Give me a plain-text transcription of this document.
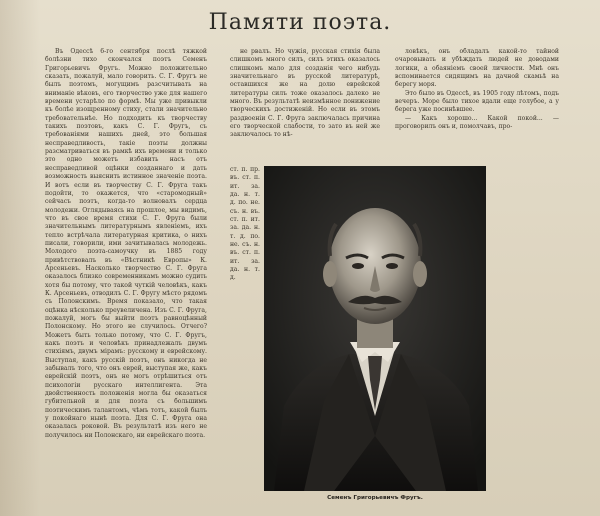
Памяти поэта.

Въ Одессѣ 6-го сентября послѣ тяжкой болѣзни тихо скончался поэтъ Семенъ Григорьевичъ Фругъ. Можно положительно сказать, пожалуй, мало говорить. С. Г. Фругъ не былъ поэтомъ, могущимъ разсчитывать на вниманіе вѣковъ, его творчество уже для нашего времени устарѣло по формѣ. Мы уже привыкли къ болѣе изощренному стиху, стали значительно требовательнѣе. Но подходить къ творчеству такихъ поэтовъ, какъ С. Г. Фругъ, съ требованіями нашихъ дней, это большая несправедливость, такіе поэты должны разсматриваться въ рамкѣ ихъ времени и только это одно можетъ избавить насъ отъ несправедливой оцѣнки созданнаго и дать возможность выяснить истинное значеніе поэта. И вотъ если въ творчеству С. Г. Фруга такъ подойти, то окажется, что «старомодный» сейчасъ поэтъ, когда-то волновалъ сердца молодежи. Оглядываясь на прошлое, мы видимъ, что въ свое время стихи С. Г. Фруга были значительнымъ литературнымъ явленіемъ, ихъ тепло встрѣчала литературная критика, о нихъ писали, говорили, ими зачитывалась молодежь. Молодого поэта-самоучку въ 1885 году привѣтствовалъ въ «Вѣстникѣ Европы» К. Арсеньевъ. Насколько творчество С. Г. Фруга оказалось близко современникамъ можно судить хотя бы потому, что такой чуткій человѣкъ, какъ К. Арсеньевъ, отводилъ С. Г. Фругу мѣсто рядомъ съ Полонскимъ. Время показало, что такая оцѣнка нѣсколько преувеличена. Изъ С. Г. Фруга, пожалуй, могъ бы выйти поэтъ равноцѣнный Полонскому. Но этого не случилось. Отчего? Можетъ быть только потому, что С. Г. Фругъ, какъ поэтъ и человѣкъ принадлежалъ двумъ стихіямъ, двумъ мірамъ: русскому и еврейскому. Выступая, какъ русскій поэтъ, онъ никогда не забывалъ того, что онъ еврей, выступая же, какъ еврейскій поэтъ, онъ не могъ отрѣшиться отъ психологіи русскаго интеллигента. Эта двойственность положенія могла бы оказаться губительной и для поэта съ большимъ поэтическимъ талантомъ, чѣмъ тотъ, какой былъ у покойнаго нынѣ поэта. Для С. Г. Фруга она оказалась роковой. Въ результатѣ изъ него не получилось ни Полонскаго, ни еврейскаго поэта.

не рвалъ. Но чужія, русская стихія была слишкомъ много силъ, силъ этихъ оказалось слишкомъ мало для созданія чего нибудь значительнаго въ русской литературѣ, оставшихся же на долю еврейской литературы силъ тоже оказалось далеко не много. Въ результатѣ неизмѣнное понижение творческихъ достиженій. Но если въ этомъ раздвоеніи С. Г. Фруга заключалась причина его творческой слабости, то зато въ ней же заключалось то нѣ-

ловѣкъ, онъ обладалъ какой-то тайной очаровывать и убѣждать людей не доводами логики, а обаяніемъ своей личности. Мнѣ онъ вспоминается сидящимъ на дачной скамьѣ на берегу моря.

Это было въ Одессѣ, въ 1905 году лѣтомъ, подъ вечеръ. Море было тихое вдали еще голубое, а у берега уже посинѣвшее.

— Какъ хорошо... Какой покой... — проговорилъ онъ и, помолчавъ, про-

ст. п. пр. въ. ст. п. ит. за. да. н. т. д. по. не. съ. н. въ. ст. п. ит. за. да. н. т. д. по. не. съ. н. въ. ст. п. ит. за. да. н. т. д.

Семенъ Григорьевичъ Фругъ.
